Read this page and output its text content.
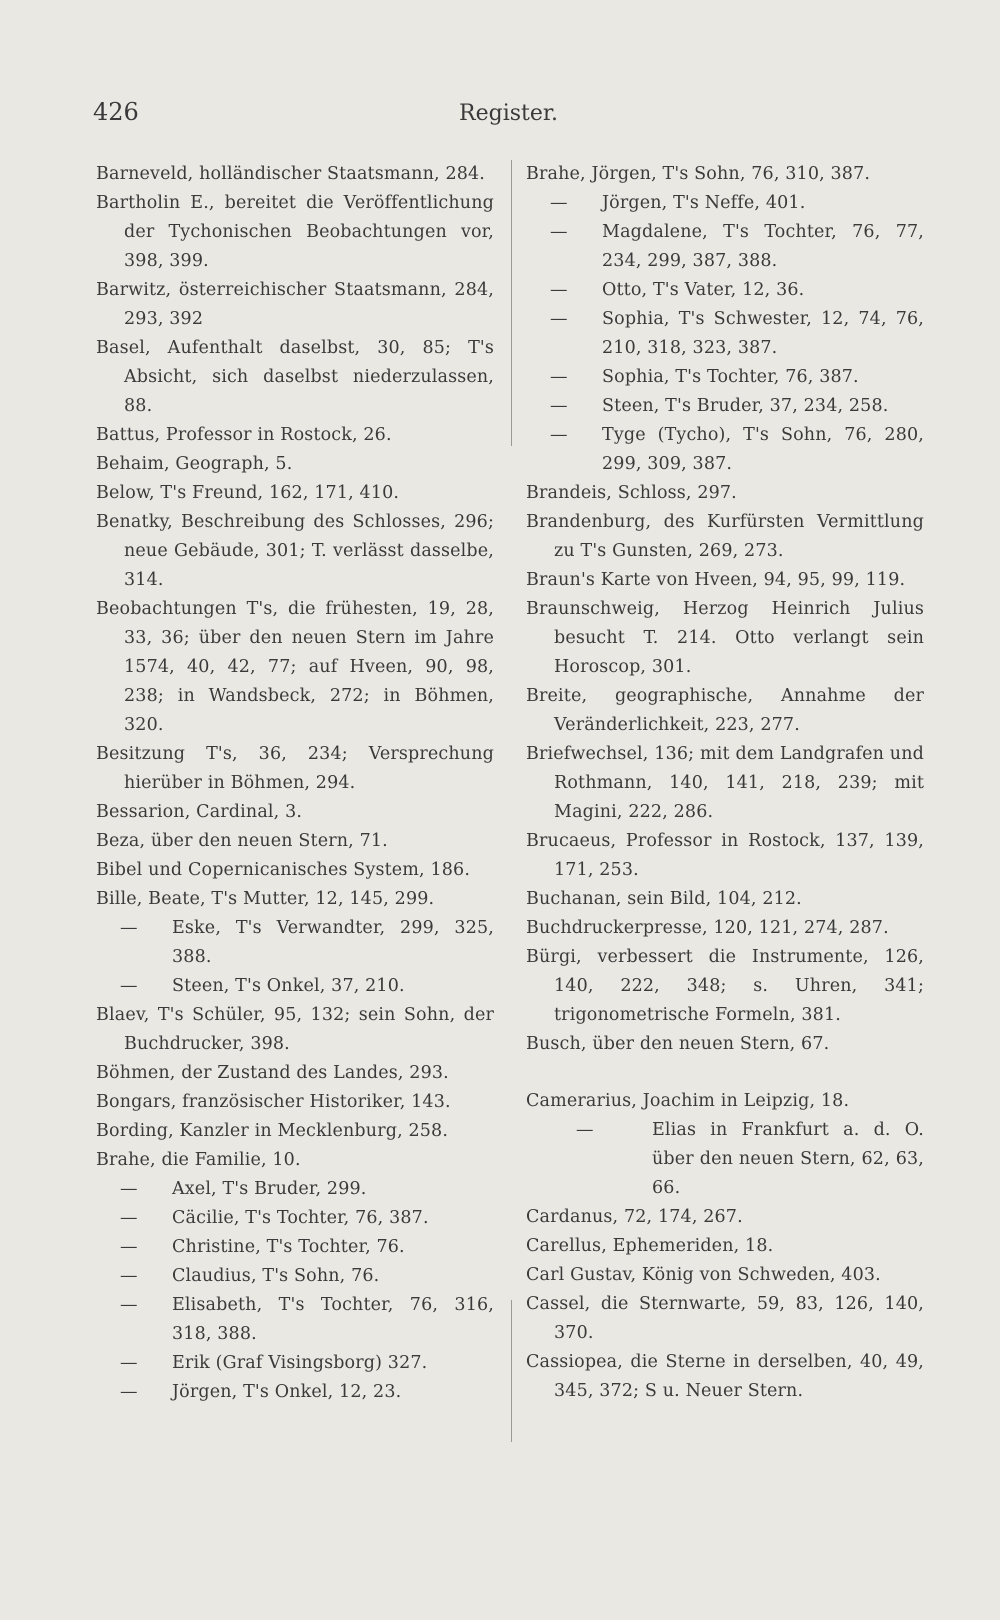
426	Register.
Barneveld, holländischer Staatsmann, 284.
Bartholin E., bereitet die Veröffentlichung der Tychonischen Beobachtungen vor, 398, 399.
Barwitz, österreichischer Staatsmann, 284, 293, 392
Basel, Aufenthalt daselbst, 30, 85; T's Absicht, sich daselbst niederzulassen, 88.
Battus, Professor in Rostock, 26.
Behaim, Geograph, 5.
Below, T's Freund, 162, 171, 410.
Benatky, Beschreibung des Schlosses, 296; neue Gebäude, 301; T. verlässt dasselbe, 314.
Beobachtungen T's, die frühesten, 19, 28, 33, 36; über den neuen Stern im Jahre 1574, 40, 42, 77; auf Hveen, 90, 98, 238; in Wandsbeck, 272; in Böhmen, 320.
Besitzung T's, 36, 234; Versprechung hierüber in Böhmen, 294.
Bessarion, Cardinal, 3.
Beza, über den neuen Stern, 71.
Bibel und Copernicanisches System, 186.
Bille, Beate, T's Mutter, 12, 145, 299.
— Eske, T's Verwandter, 299, 325, 388.
— Steen, T's Onkel, 37, 210.
Blaev, T's Schüler, 95, 132; sein Sohn, der Buchdrucker, 398.
Böhmen, der Zustand des Landes, 293.
Bongars, französischer Historiker, 143.
Bording, Kanzler in Mecklenburg, 258.
Brahe, die Familie, 10.
— Axel, T's Bruder, 299.
— Cäcilie, T's Tochter, 76, 387.
— Christine, T's Tochter, 76.
— Claudius, T's Sohn, 76.
— Elisabeth, T's Tochter, 76, 316, 318, 388.
— Erik (Graf Visingsborg) 327.
— Jörgen, T's Onkel, 12, 23.
Brahe, Jörgen, T's Sohn, 76, 310, 387.
— Jörgen, T's Neffe, 401.
— Magdalene, T's Tochter, 76, 77, 234, 299, 387, 388.
— Otto, T's Vater, 12, 36.
— Sophia, T's Schwester, 12, 74, 76, 210, 318, 323, 387.
— Sophia, T's Tochter, 76, 387.
— Steen, T's Bruder, 37, 234, 258.
— Tyge (Tycho), T's Sohn, 76, 280, 299, 309, 387.
Brandeis, Schloss, 297.
Brandenburg, des Kurfürsten Vermittlung zu T's Gunsten, 269, 273.
Braun's Karte von Hveen, 94, 95, 99, 119.
Braunschweig, Herzog Heinrich Julius besucht T. 214. Otto verlangt sein Horoscop, 301.
Breite, geographische, Annahme der Veränderlichkeit, 223, 277.
Briefwechsel, 136; mit dem Landgrafen und Rothmann, 140, 141, 218, 239; mit Magini, 222, 286.
Brucaeus, Professor in Rostock, 137, 139, 171, 253.
Buchanan, sein Bild, 104, 212.
Buchdruckerpresse, 120, 121, 274, 287.
Bürgi, verbessert die Instrumente, 126, 140, 222, 348; s. Uhren, 341; trigonometrische Formeln, 381.
Busch, über den neuen Stern, 67.
Camerarius, Joachim in Leipzig, 18.
—	Elias in Frankfurt a. d. O. über den neuen Stern, 62, 63, 66.
Cardanus, 72, 174, 267.
Carellus, Ephemeriden, 18.
Carl Gustav, König von Schweden, 403.
Cassel, die Sternwarte, 59, 83, 126, 140, 370.
Cassiopea, die Sterne in derselben, 40, 49, 345, 372; S u. Neuer Stern.
